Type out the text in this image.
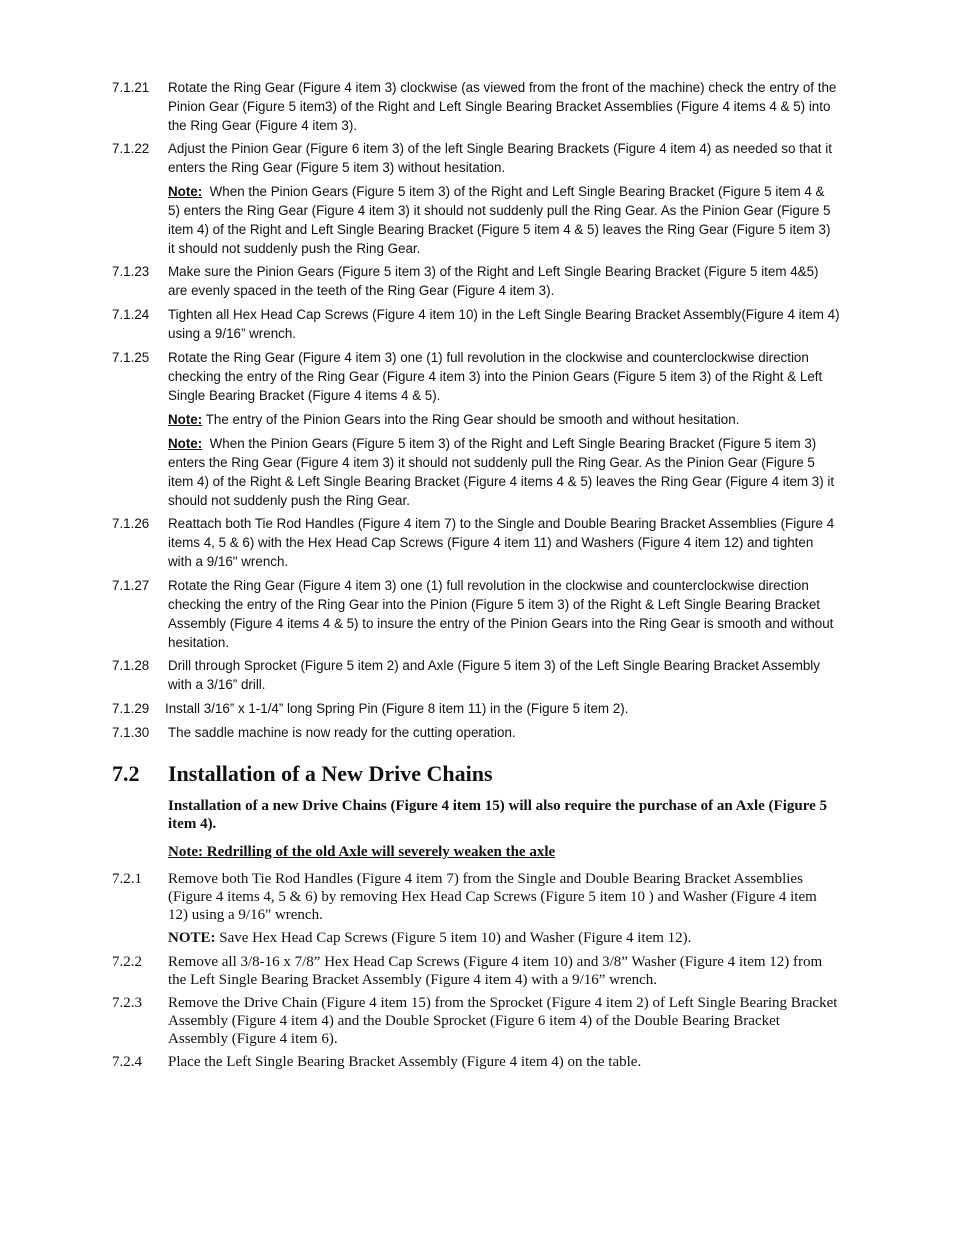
7.1.21 Rotate the Ring Gear (Figure 4 item 3) clockwise (as viewed from the front of the machine) check the entry of the Pinion Gear (Figure 5 item3) of the Right and Left Single Bearing Bracket Assemblies (Figure 4 items 4 & 5) into the Ring Gear (Figure 4 item 3).
7.1.22 Adjust the Pinion Gear (Figure 6 item 3) of the left Single Bearing Brackets (Figure 4 item 4) as needed so that it enters the Ring Gear (Figure 5 item 3) without hesitation.
Note: When the Pinion Gears (Figure 5 item 3) of the Right and Left Single Bearing Bracket (Figure 5 item 4 & 5) enters the Ring Gear (Figure 4 item 3) it should not suddenly pull the Ring Gear. As the Pinion Gear (Figure 5 item 4) of the Right and Left Single Bearing Bracket (Figure 5 item 4 & 5) leaves the Ring Gear (Figure 5 item 3) it should not suddenly push the Ring Gear.
7.1.23 Make sure the Pinion Gears (Figure 5 item 3) of the Right and Left Single Bearing Bracket (Figure 5 item 4&5) are evenly spaced in the teeth of the Ring Gear (Figure 4 item 3).
7.1.24 Tighten all Hex Head Cap Screws (Figure 4 item 10) in the Left Single Bearing Bracket Assembly(Figure 4 item 4) using a 9/16” wrench.
7.1.25 Rotate the Ring Gear (Figure 4 item 3) one (1) full revolution in the clockwise and counterclockwise direction checking the entry of the Ring Gear (Figure 4 item 3) into the Pinion Gears (Figure 5 item 3) of the Right & Left Single Bearing Bracket (Figure 4 items 4 & 5).
Note: The entry of the Pinion Gears into the Ring Gear should be smooth and without hesitation.
Note: When the Pinion Gears (Figure 5 item 3) of the Right and Left Single Bearing Bracket (Figure 5 item 3) enters the Ring Gear (Figure 4 item 3) it should not suddenly pull the Ring Gear. As the Pinion Gear (Figure 5 item 4) of the Right & Left Single Bearing Bracket (Figure 4 items 4 & 5) leaves the Ring Gear (Figure 4 item 3) it should not suddenly push the Ring Gear.
7.1.26 Reattach both Tie Rod Handles (Figure 4 item 7) to the Single and Double Bearing Bracket Assemblies (Figure 4 items 4, 5 & 6) with the Hex Head Cap Screws (Figure 4 item 11) and Washers (Figure 4 item 12) and tighten with a 9/16" wrench.
7.1.27 Rotate the Ring Gear (Figure 4 item 3) one (1) full revolution in the clockwise and counterclockwise direction checking the entry of the Ring Gear into the Pinion (Figure 5 item 3) of the Right & Left Single Bearing Bracket Assembly (Figure 4 items 4 & 5) to insure the entry of the Pinion Gears into the Ring Gear is smooth and without hesitation.
7.1.28 Drill through Sprocket (Figure 5 item 2) and Axle (Figure 5 item 3) of the Left Single Bearing Bracket Assembly with a 3/16” drill.
7.1.29 Install 3/16” x 1-1/4” long Spring Pin (Figure 8 item 11) in the (Figure 5 item 2).
7.1.30 The saddle machine is now ready for the cutting operation.
7.2 Installation of a New Drive Chains
Installation of a new Drive Chains (Figure 4 item 15) will also require the purchase of an Axle (Figure 5 item 4).
Note: Redrilling of the old Axle will severely weaken the axle
7.2.1 Remove both Tie Rod Handles (Figure 4 item 7) from the Single and Double Bearing Bracket Assemblies (Figure 4 items 4, 5 & 6) by removing Hex Head Cap Screws (Figure 5 item 10 ) and Washer (Figure 4 item 12) using a 9/16" wrench.
NOTE: Save Hex Head Cap Screws (Figure 5 item 10) and Washer (Figure 4 item 12).
7.2.2 Remove all 3/8-16 x 7/8” Hex Head Cap Screws (Figure 4 item 10) and 3/8” Washer (Figure 4 item 12) from the Left Single Bearing Bracket Assembly (Figure 4 item 4) with a 9/16” wrench.
7.2.3 Remove the Drive Chain (Figure 4 item 15) from the Sprocket (Figure 4 item 2) of Left Single Bearing Bracket Assembly (Figure 4 item 4) and the Double Sprocket (Figure 6 item 4) of the Double Bearing Bracket Assembly (Figure 4 item 6).
7.2.4 Place the Left Single Bearing Bracket Assembly (Figure 4 item 4) on the table.
